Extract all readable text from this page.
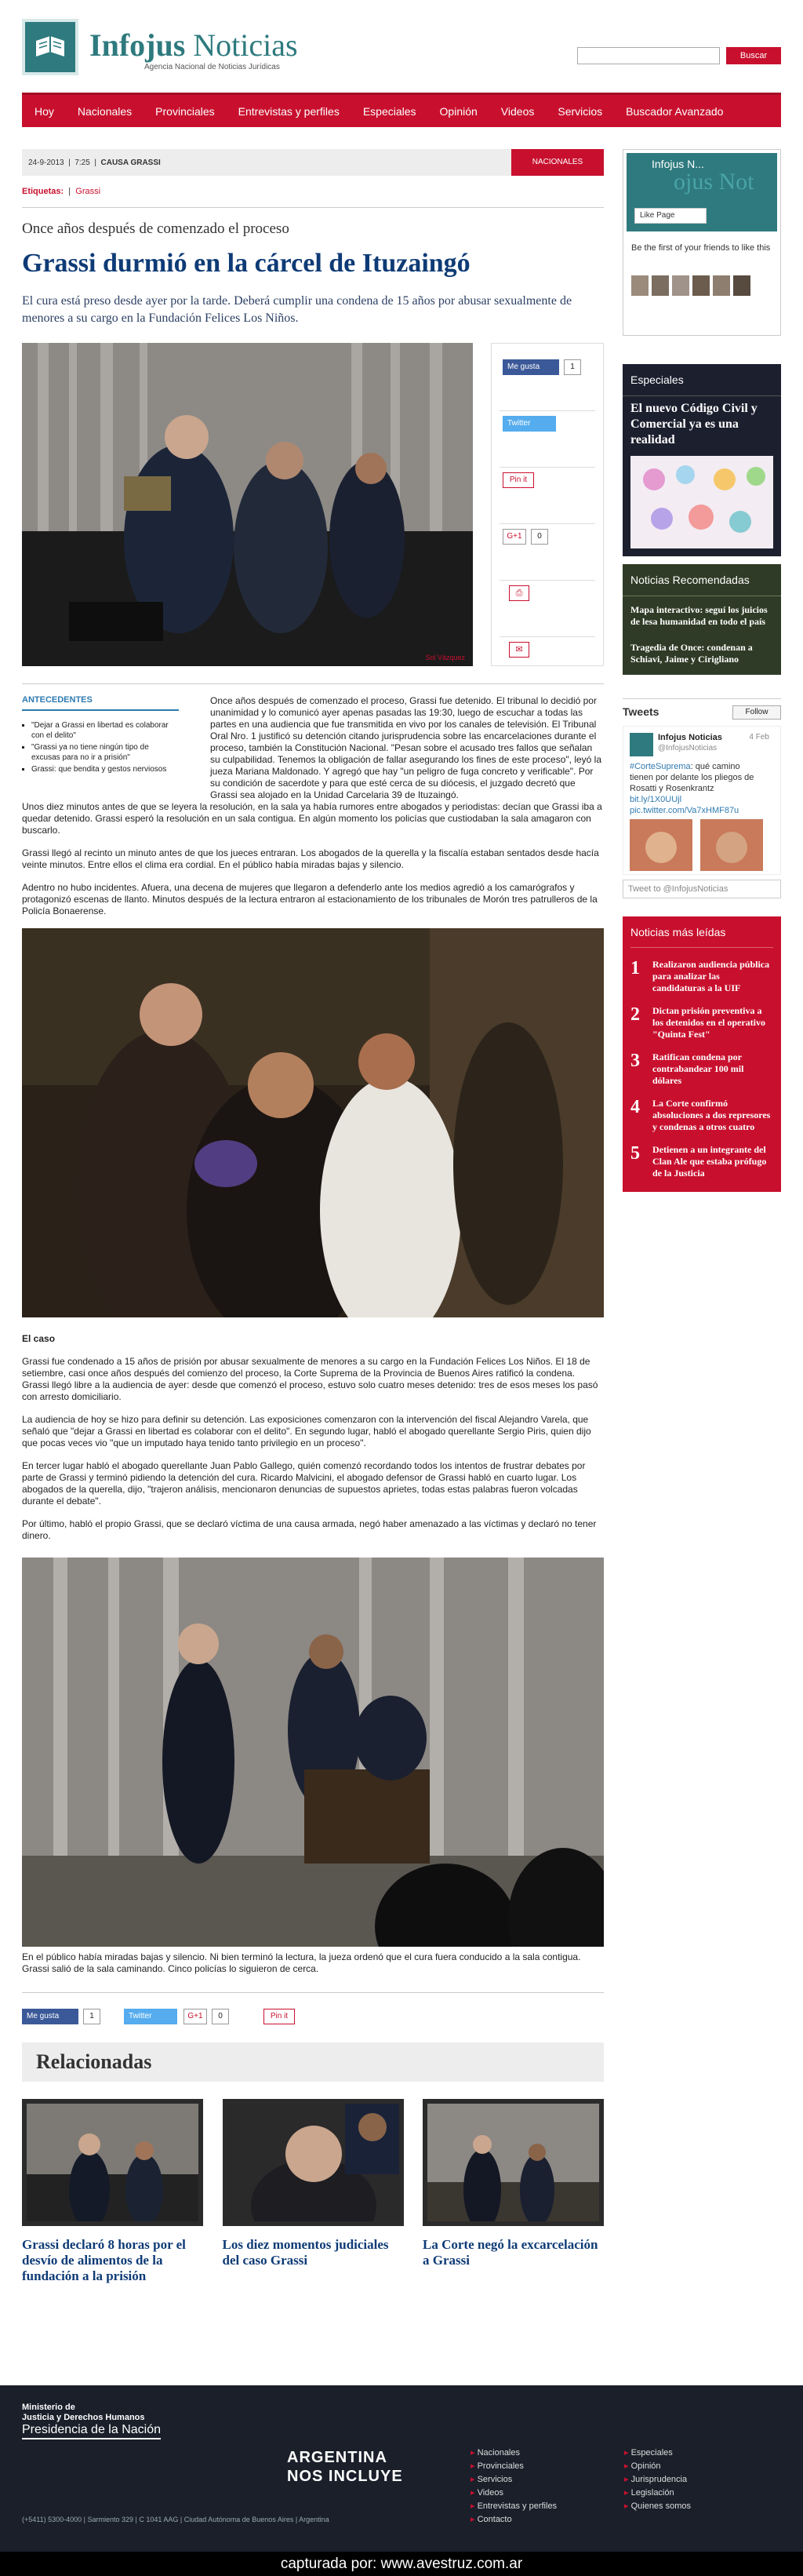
Infojus Noticias
Agencia Nacional de Noticias Jurídicas
Buscar
Hoy Nacionales Provinciales Entrevistas y perfiles Especiales Opinión Videos Servicios Buscador Avanzado
24-9-2013  |  7:25  |  CAUSA GRASSI	NACIONALES
Etiquetas:  |  Grassi
Once años después de comenzado el proceso
Grassi durmió en la cárcel de Ituzaingó
El cura está preso desde ayer por la tarde. Deberá cumplir una condena de 15 años por abusar sexualmente de menores a su cargo en la Fundación Felices Los Niños.
Sol Vázquez
Me gusta	1
Twitter
Pin it
G+1	0
⎙
✉
ANTECEDENTES
▪ "Dejar a Grassi en libertad es colaborar con el delito"
▪ "Grassi ya no tiene ningún tipo de excusas para no ir a prisión"
▪ Grassi: que bendita y gestos nerviosos

Once años después de comenzado el proceso, Grassi fue detenido. El tribunal lo decidió por unanimidad y lo comunicó ayer apenas pasadas las 19:30, luego de escuchar a todas las partes en una audiencia que fue transmitida en vivo por los canales de televisión. El Tribunal Oral Nro. 1 justificó su detención citando jurisprudencia sobre las encarcelaciones durante el proceso, también la Constitución Nacional. "Pesan sobre el acusado tres fallos que señalan su culpabilidad. Tenemos la obligación de fallar asegurando los fines de este proceso", leyó la jueza Mariana Maldonado. Y agregó que hay "un peligro de fuga concreto y verificable". Por su condición de sacerdote y para que esté cerca de su diócesis, el juzgado decretó que Grassi sea alojado en la Unidad Carcelaria 39 de Ituzaingó.

Unos diez minutos antes de que se leyera la resolución, en la sala ya había rumores entre abogados y periodistas: decían que Grassi iba a quedar detenido. Grassi esperó la resolución en un sala contigua. En algún momento los policías que custiodaban la sala amagaron con buscarlo.

Grassi llegó al recinto un minuto antes de que los jueces entraran. Los abogados de la querella y la fiscalía estaban sentados desde hacía veinte minutos. Entre ellos el clima era cordial. En el público había miradas bajas y silencio.

Adentro no hubo incidentes. Afuera, una decena de mujeres que llegaron a defenderlo ante los medios agredió a los camarógrafos y protagonizó escenas de llanto. Minutos después de la lectura entraron al estacionamiento de los tribunales de Morón tres patrulleros de la Policía Bonaerense.

El caso

Grassi fue condenado a 15 años de prisión por abusar sexualmente de menores a su cargo en la Fundación Felices Los Niños. El 18 de setiembre, casi once años después del comienzo del proceso, la Corte Suprema de la Provincia de Buenos Aires ratificó la condena. Grassi llegó libre a la audiencia de ayer: desde que comenzó el proceso, estuvo solo cuatro meses detenido: tres de esos meses los pasó con arresto domiciliario.

La audiencia de hoy se hizo para definir su detención. Las exposiciones comenzaron con la intervención del fiscal Alejandro Varela, que señaló que "dejar a Grassi en libertad es colaborar con el delito". En segundo lugar, habló el abogado querellante Sergio Piris, quien dijo que pocas veces vio "que un imputado haya tenido tanto privilegio en un proceso".

En tercer lugar habló el abogado querellante Juan Pablo Gallego, quién comenzó recordando todos los intentos de frustrar debates por parte de Grassi y terminó pidiendo la detención del cura. Ricardo Malvicini, el abogado defensor de Grassi habló en cuarto lugar. Los abogados de la querella, dijo, "trajeron análisis, mencionaron denuncias de supuestos aprietes, todas estas palabras fueron volcadas durante el debate".

Por último, habló el propio Grassi, que se declaró víctima de una causa armada, negó haber amenazado a las víctimas y declaró no tener dinero.

En el público había miradas bajas y silencio. Ni bien terminó la lectura, la jueza ordenó que el cura fuera conducido a la sala contigua. Grassi salió de la sala caminando. Cinco policías lo siguieron de cerca.
Me gusta	1	Twitter	G+1	0	Pin it
Relacionadas
Grassi declaró 8 horas por el desvío de alimentos de la fundación a la prisión
Los diez momentos judiciales del caso Grassi
La Corte negó la excarcelación a Grassi
Infojus N...
ojus Not
Like Page
Be the first of your friends to like this
Especiales
El nuevo Código Civil y Comercial ya es una realidad
Noticias Recomendadas
Mapa interactivo: seguí los juicios de lesa humanidad en todo el país
Tragedia de Once: condenan a Schiavi, Jaime y Cirigliano
Tweets	Follow
Infojus Noticias
@InfojusNoticias
4 Feb
#CorteSuprema: qué camino tienen por delante los pliegos de Rosatti y Rosenkrantz bit.ly/1X0UUjl pic.twitter.com/Va7xHMF87u
Tweet to @InfojusNoticias
Noticias más leídas
1	Realizaron audiencia pública para analizar las candidaturas a la UIF
2	Dictan prisión preventiva a los detenidos en el operativo "Quinta Fest"
3	Ratifican condena por contrabandear 100 mil dólares
4	La Corte confirmó absoluciones a dos represores y condenas a otros cuatro
5	Detienen a un integrante del Clan Ale que estaba prófugo de la Justicia
Ministerio de
Justicia y Derechos Humanos
Presidencia de la Nación
ARGENTINA
NOS INCLUYE
(+5411) 5300-4000 | Sarmiento 329 | C 1041 AAG | Ciudad Autónoma de Buenos Aires | Argentina
▸ Nacionales
▸ Provinciales
▸ Servicios
▸ Videos
▸ Entrevistas y perfiles
▸ Contacto
▸ Especiales
▸ Opinión
▸ Jurisprudencia
▸ Legislación
▸ Quienes somos
capturada por: www.avestruz.com.ar
